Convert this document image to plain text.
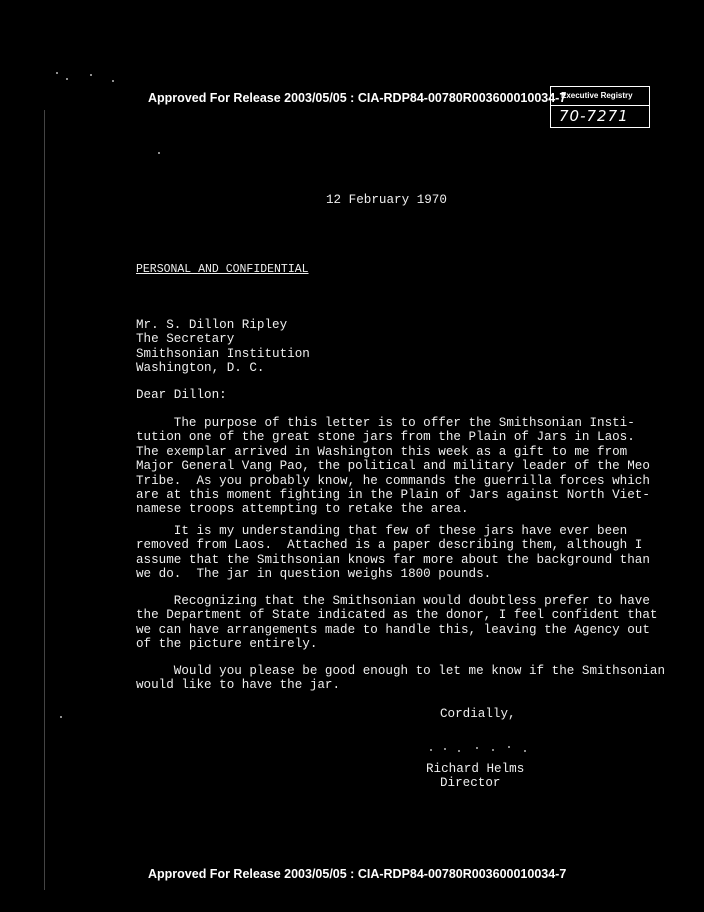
Approved For Release 2003/05/05 : CIA-RDP84-00780R003600010034-7
Executive Registry
70-7271
12 February 1970
PERSONAL AND CONFIDENTIAL
Mr. S. Dillon Ripley
The Secretary
Smithsonian Institution
Washington, D. C.
Dear Dillon:

The purpose of this letter is to offer the Smithsonian Insti-
tution one of the great stone jars from the Plain of Jars in Laos.
The exemplar arrived in Washington this week as a gift to me from
Major General Vang Pao, the political and military leader of the Meo
Tribe.  As you probably know, he commands the guerrilla forces which
are at this moment fighting in the Plain of Jars against North Viet-
namese troops attempting to retake the area.

It is my understanding that few of these jars have ever been
removed from Laos.  Attached is a paper describing them, although I
assume that the Smithsonian knows far more about the background than
we do.  The jar in question weighs 1800 pounds.

Recognizing that the Smithsonian would doubtless prefer to have
the Department of State indicated as the donor, I feel confident that
we can have arrangements made to handle this, leaving the Agency out
of the picture entirely.

Would you please be good enough to let me know if the Smithsonian
would like to have the jar.

Cordially,
Richard Helms
Director
Approved For Release 2003/05/05 : CIA-RDP84-00780R003600010034-7
